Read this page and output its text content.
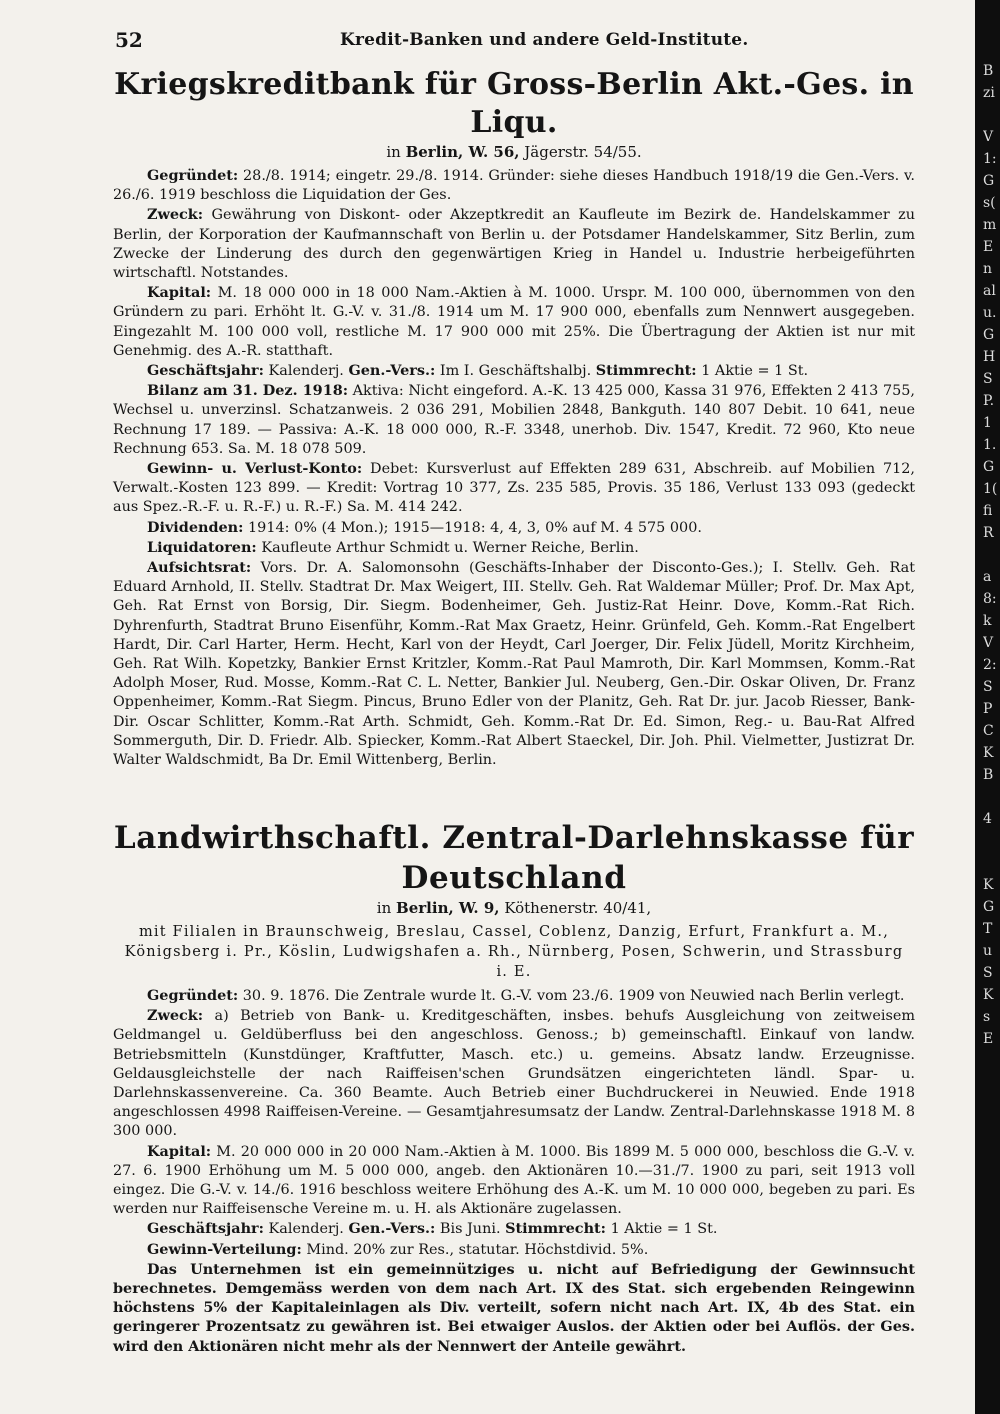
52	Kredit-Banken und andere Geld-Institute.
Kriegskreditbank für Gross-Berlin Akt.-Ges. in Liqu.
in Berlin, W. 56, Jägerstr. 54/55.

Gegründet: 28./8. 1914; eingetr. 29./8. 1914. Gründer: siehe dieses Handbuch 1918/19 die Gen.-Vers. v. 26./6. 1919 beschloss die Liquidation der Ges.

Zweck: Gewährung von Diskont- oder Akzeptkredit an Kaufleute im Bezirk de. Handelskammer zu Berlin, der Korporation der Kaufmannschaft von Berlin u. der Potsdamer Handelskammer, Sitz Berlin, zum Zwecke der Linderung des durch den gegenwärtigen Krieg in Handel u. Industrie herbeigeführten wirtschaftl. Notstandes.

Kapital: M. 18 000 000 in 18 000 Nam.-Aktien à M. 1000. Urspr. M. 100 000, übernommen von den Gründern zu pari. Erhöht lt. G.-V. v. 31./8. 1914 um M. 17 900 000, ebenfalls zum Nennwert ausgegeben. Eingezahlt M. 100 000 voll, restliche M. 17 900 000 mit 25%. Die Übertragung der Aktien ist nur mit Genehmig. des A.-R. statthaft.

Geschäftsjahr: Kalenderj. Gen.-Vers.: Im I. Geschäftshalbj. Stimmrecht: 1 Aktie = 1 St.

Bilanz am 31. Dez. 1918: Aktiva: Nicht eingeford. A.-K. 13 425 000, Kassa 31 976, Effekten 2 413 755, Wechsel u. unverzinsl. Schatzanweis. 2 036 291, Mobilien 2848, Bankguth. 140 807 Debit. 10 641, neue Rechnung 17 189. — Passiva: A.-K. 18 000 000, R.-F. 3348, unerhob. Div. 1547, Kredit. 72 960, Kto neue Rechnung 653. Sa. M. 18 078 509.

Gewinn- u. Verlust-Konto: Debet: Kursverlust auf Effekten 289 631, Abschreib. auf Mobilien 712, Verwalt.-Kosten 123 899. — Kredit: Vortrag 10 377, Zs. 235 585, Provis. 35 186, Verlust 133 093 (gedeckt aus Spez.-R.-F. u. R.-F.) u. R.-F.) Sa. M. 414 242.

Dividenden: 1914: 0% (4 Mon.); 1915—1918: 4, 4, 3, 0% auf M. 4 575 000.

Liquidatoren: Kaufleute Arthur Schmidt u. Werner Reiche, Berlin.

Aufsichtsrat: Vors. Dr. A. Salomonsohn (Geschäfts-Inhaber der Disconto-Ges.); I. Stellv. Geh. Rat Eduard Arnhold, II. Stellv. Stadtrat Dr. Max Weigert, III. Stellv. Geh. Rat Waldemar Müller; Prof. Dr. Max Apt, Geh. Rat Ernst von Borsig, Dir. Siegm. Bodenheimer, Geh. Justiz-Rat Heinr. Dove, Komm.-Rat Rich. Dyhrenfurth, Stadtrat Bruno Eisenführ, Komm.-Rat Max Graetz, Heinr. Grünfeld, Geh. Komm.-Rat Engelbert Hardt, Dir. Carl Harter, Herm. Hecht, Karl von der Heydt, Carl Joerger, Dir. Felix Jüdell, Moritz Kirchheim, Geh. Rat Wilh. Kopetzky, Bankier Ernst Kritzler, Komm.-Rat Paul Mamroth, Dir. Karl Mommsen, Komm.-Rat Adolph Moser, Rud. Mosse, Komm.-Rat C. L. Netter, Bankier Jul. Neuberg, Gen.-Dir. Oskar Oliven, Dr. Franz Oppenheimer, Komm.-Rat Siegm. Pincus, Bruno Edler von der Planitz, Geh. Rat Dr. jur. Jacob Riesser, Bank-Dir. Oscar Schlitter, Komm.-Rat Arth. Schmidt, Geh. Komm.-Rat Dr. Ed. Simon, Reg.- u. Bau-Rat Alfred Sommerguth, Dir. D. Friedr. Alb. Spiecker, Komm.-Rat Albert Staeckel, Dir. Joh. Phil. Vielmetter, Justizrat Dr. Walter Waldschmidt, Ba Dr. Emil Wittenberg, Berlin.

Landwirthschaftl. Zentral-Darlehnskasse für Deutschland
in Berlin, W. 9, Köthenerstr. 40/41,
mit Filialen in Braunschweig, Breslau, Cassel, Coblenz, Danzig, Erfurt, Frankfurt a. M., Königsberg i. Pr., Köslin, Ludwigshafen a. Rh., Nürnberg, Posen, Schwerin, und Strassburg i. E.

Gegründet: 30. 9. 1876. Die Zentrale wurde lt. G.-V. vom 23./6. 1909 von Neuwied nach Berlin verlegt.

Zweck: a) Betrieb von Bank- u. Kreditgeschäften, insbes. behufs Ausgleichung von zeitweisem Geldmangel u. Geldüberfluss bei den angeschloss. Genoss.; b) gemeinschaftl. Einkauf von landw. Betriebsmitteln (Kunstdünger, Kraftfutter, Masch. etc.) u. gemeins. Absatz landw. Erzeugnisse. Geldausgleichstelle der nach Raiffeisen'schen Grundsätzen eingerichteten ländl. Spar- u. Darlehnskassenvereine. Ca. 360 Beamte. Auch Betrieb einer Buchdruckerei in Neuwied. Ende 1918 angeschlossen 4998 Raiffeisen-Vereine. — Gesamtjahresumsatz der Landw. Zentral-Darlehnskasse 1918 M. 8 300 000.

Kapital: M. 20 000 000 in 20 000 Nam.-Aktien à M. 1000. Bis 1899 M. 5 000 000, beschloss die G.-V. v. 27. 6. 1900 Erhöhung um M. 5 000 000, angeb. den Aktionären 10.—31./7. 1900 zu pari, seit 1913 voll eingez. Die G.-V. v. 14./6. 1916 beschloss weitere Erhöhung des A.-K. um M. 10 000 000, begeben zu pari. Es werden nur Raiffeisensche Vereine m. u. H. als Aktionäre zugelassen.

Geschäftsjahr: Kalenderj. Gen.-Vers.: Bis Juni. Stimmrecht: 1 Aktie = 1 St.

Gewinn-Verteilung: Mind. 20% zur Res., statutar. Höchstdivid. 5%.

Das Unternehmen ist ein gemeinnütziges u. nicht auf Befriedigung der Gewinnsucht berechnetes. Demgemäss werden von dem nach Art. IX des Stat. sich ergebenden Reingewinn höchstens 5% der Kapitaleinlagen als Div. verteilt, sofern nicht nach Art. IX, 4b des Stat. ein geringerer Prozentsatz zu gewähren ist. Bei etwaiger Auslos. der Aktien oder bei Auflös. der Ges. wird den Aktionären nicht mehr als der Nennwert der Anteile gewährt.

B
zi
V
1:
G
s(
m
E
n
al
u.
G
H
S
P.
1
1.
G
1(
fi
R
a
8:
k
V
2:
S
P
C
K
B
4
K
G
T
u
S
K
s
E
